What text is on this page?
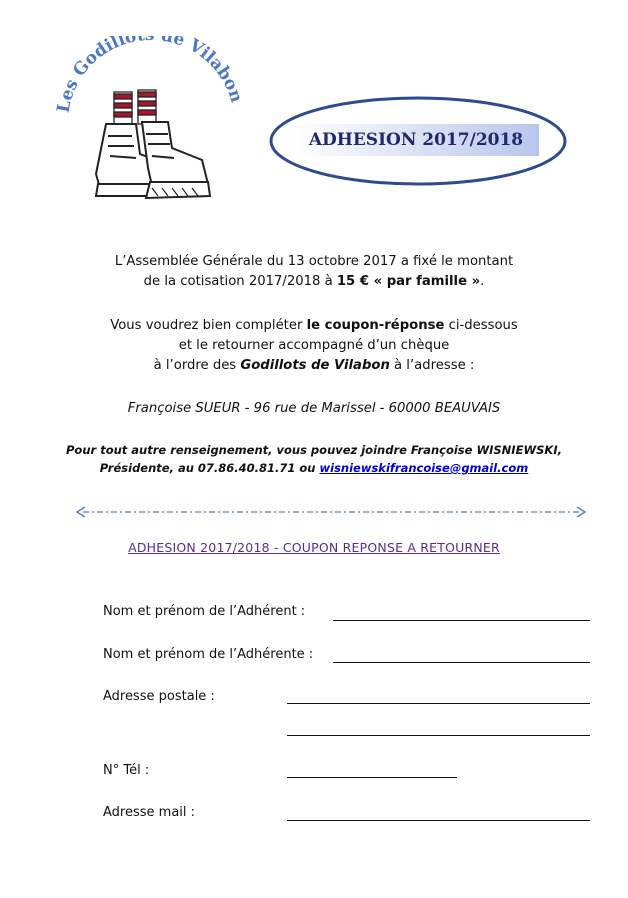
es Godillo de Vilabon
ADHESION 2017/2018
L’Assemblée Générale du 13 octobre 2017 a fixé le montant
de la cotisation 2017/2018 à 15 € « par famille ».
Vous voudrez bien compléter le coupon-réponse ci-dessous
et le retourner accompagné d’un chèque
à l’ordre des Godillots de Vilabon à l’adresse :
Françoise SUEUR - 96 rue de Marissel - 60000 BEAUVAIS
Pour tout autre renseignement, vous pouvez joindre Françoise WISNIEWSKI,
Présidente, au 07.86.40.81.71 ou wisniewskifrancoise@gmail.com
ADHESION 2017/2018 - COUPON REPONSE A RETOURNER
Nom et prénom de l’Adhérent :
Nom et prénom de l’Adhérente :
Adresse postale :
N° Tél :
Adresse mail :
